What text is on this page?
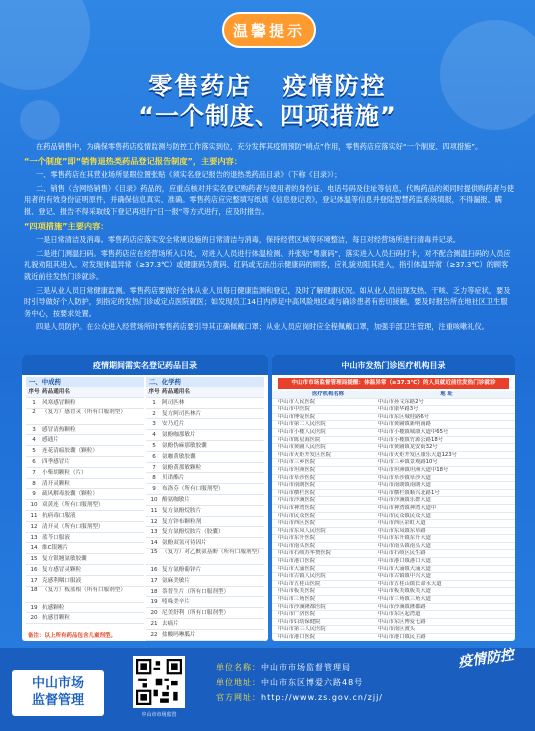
温馨提示
零售药店 疫情防控
“一个制度、四项措施”

在药品销售中，为确保零售药店疫情监测与防控工作落实到位，充分发挥其疫情预防“哨点”作用，零售药店应落实好“一个制度、四项措施”。

“一个制度”即“销售退热类药品登记报告制度”，主要内容：

一、零售药店在其营业场所显眼位置张贴《须实名登记报告的退热类药品目录》（下称《目录》）；

二、销售（含网络销售）《目录》药品的，应重点核对并实名登记购药者与使用者的身份证、电话号码及住址等信息，代购药品的须同时提供购药者与使用者的有效身份证明原件，并确保信息真实、准确。零售药店应完整填写纸质《信息登记表》，登记体温等信息并登陆智慧药监系统填报，不得漏报、瞒报、登记、报告不得采取线下登记再进行“日一报”等方式进行，应及时报告。

“四项措施”主要内容：

一是日常清洁及消毒。零售药店应落实安全常规设施的日常清洁与消毒，保持经营区域等环境整洁，每日对经营场所进行清毒并记录。

二是进门测温扫码。零售药店应在经营场所入口处，对进入人员进行体温检测、并张贴“粤康码”，落实进入人员扫码打卡，对不配合测温扫码的人员应礼貌劝阻其进入。对发现体温异常（≥37.3℃）或健康码为黄码、红码或无法出示健康码的顾客，应礼貌劝阻其进入，指引体温异常（≥37.3℃）的顾客就近前往发热门诊就诊。

三是从业人员日常健康监测。零售药店要做好全体从业人员每日健康监测和登记，及时了解健康状况。如从业人员出现发热、干咳、乏力等症状，要及时引导做好个人防护，到指定的发热门诊或定点医院就医；如发现员工14日内涉足中高风险地区或与确诊患者有密切接触，要及时报告所在地社区卫生服务中心，按要求处置。

四是人员防护。在公众进入经营场所时零售药店要引导其正确佩戴口罩；从业人员应岗时应全程佩戴口罩，加强手部卫生管理，注重咳嗽礼仪。

疫情期间需实名登记药品目录
一、中成药
序号 药品通用名
1	风寒感冒颗粒
2	（复方）感冒灵（所有口服剂型）
3	感冒清热颗粒
4	感通片
5	连花清瘟胶囊（颗粒）
6	四季感冒片
7	小柴胡颗粒（片）
8	清开灵颗粒
9	疏风解毒胶囊（颗粒）
10 双黄连（所有口服剂型）
11 抗病毒口服液
12 清开灵（所有口服剂型）
13 蓝芩口服液
14 维C银翘片
15 复方银翘氨敏胶囊
16 复方感冒灵颗粒
17 克感利咽口服液
18 （复方）板蓝根（所有口服剂型）
19 抗感颗粒
20 抗感冒颗粒
二、化学药
序号 药品通用名
1	阿司匹林
2	复方阿司匹林片
3	安乃近片
4	氨酚咖那敏片
5	氨酚伪麻那敏胶囊
6	氨咖黄敏胶囊
7	氨酚黄那敏颗粒
8	贝诺酯片
9	布洛芬（所有口服剂型）
10 酚氨咖敏片
11 复方氨酚烷胺片
12 复方锌布颗粒剂
13 复方氨酚烷胺片（胶囊）
14 氨酚双氢可待因片
15 （复方）对乙酰氨基酚（所有口服剂型）
16 复方氨酚葡锌片
17 氨麻美敏片
18 萘普生片（所有口服剂型）
19 吲哚美辛片
20 尼美舒利（所有口服剂型）
21 去痛片
22 盐酸吗啉胍片
备注：以上所有药品包含儿童剂型。
中山市发热门诊医疗机构目录
中山市市场监督管理局提醒：体温异常（≥37.3℃）的人员就近前往发热门诊就诊
医疗机构名称	地 址
中山市人民医院	中山市孙文东路2号
中山市中医院	中山市康华路3号
中山市博爱医院	中山市东区城桂路6号
中山市第二人民医院	中山市黄圃镇新明南路
中山市小榄人民医院	中山市小榄镇城康大道中65号
中山市陈星海医院	中山市小榄镇竹源公路18号
中山市黄圃人民医院	中山市黄圃镇龙安街32号
中山市火炬开发区医院	中山市火炬开发区康乐大道123号
中山市三乡医院	中山市三乡镇景观路10号
中山市坦洲医院	中山市坦洲镇坦洲大道中18号
中山市阜沙医院	中山市阜沙镇阜沙大道
中山市南朗医院	中山市南朗镇南朗大道
中山市横栏医院	中山市横栏镇顺兴北路1号
中山市沙溪医院	中山市沙溪镇乐群大道
中山市神湾医院	中山市神湾镇神湾大道中
中山市民众医院	中山市民众镇民众大道
中山市西区医院	中山市西区彩虹大道
中山市东凤人民医院	中山市东凤镇东阜路
中山市东升医院	中山市东升镇东升大道
中山市南头医院	中山市南头镇南头大道
中山市石岐苏华赞医院	中山市石岐区民生路
中山市港口医院	中山市港口镇港口大道
中山市大涌医院	中山市大涌镇大涌大道
中山市古镇人民医院	中山市古镇镇中兴大道
中山市五桂山医院	中山市五桂山镇长命水大道
中山市板芙医院	中山市板芙镇板芙大道
中山市三角医院	中山市三角镇三角大道
中山市沙溪隆都医院	中山市沙溪镇隆都路
中山市广济医院	中山市东区起湾道
中山市妇幼保健院	中山市东区博爱七路
中山市第三人民医院	中山市南区渡头
中山市港口医院	中山市港口镇民主路
中山市场
监督管理
中山市市场监管
单位名称：中山市市场监督管理局
单位地址：中山市东区博爱六路48号
官方网址：http://www.zs.gov.cn/zjj/
疫情防控
